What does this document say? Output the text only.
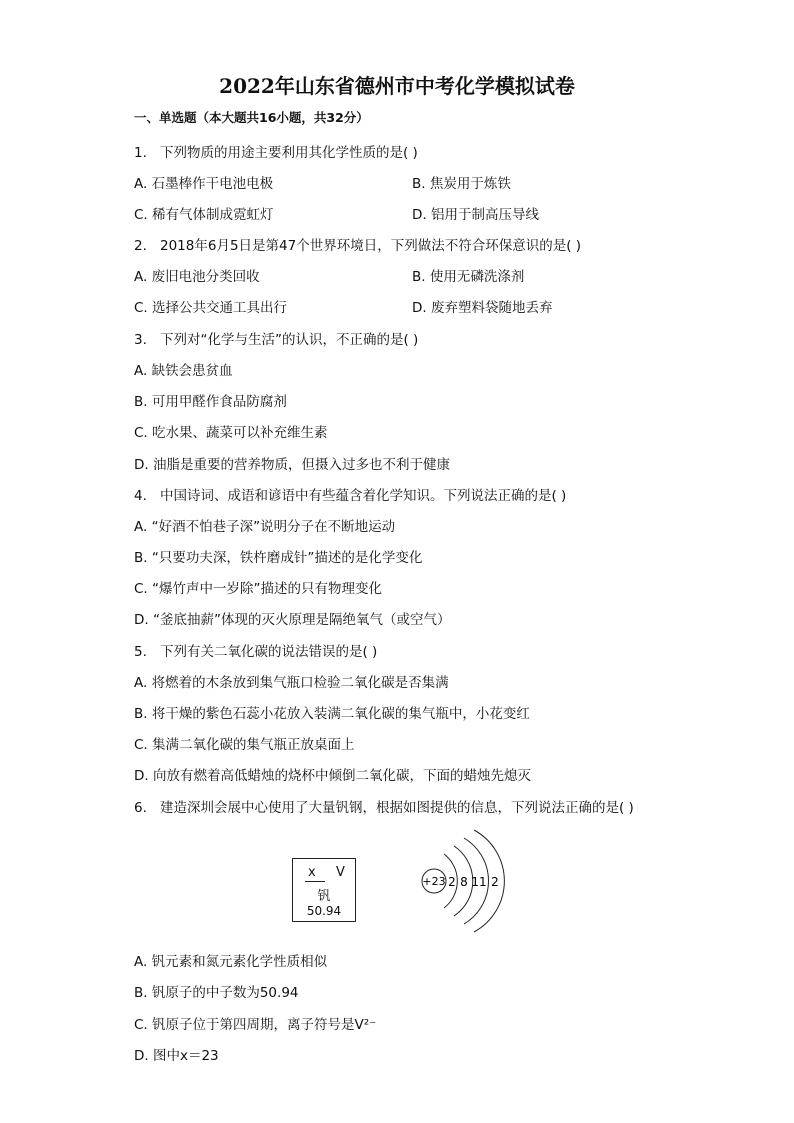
2022年山东省德州市中考化学模拟试卷
一、单选题（本大题共16小题，共32分）
1. 下列物质的用途主要利用其化学性质的是( )
A. 石墨棒作干电池电极	B. 焦炭用于炼铁
C. 稀有气体制成霓虹灯	D. 铝用于制高压导线
2. 2018年6月5日是第47个世界环境日，下列做法不符合环保意识的是( )
A. 废旧电池分类回收	B. 使用无磷洗涤剂
C. 选择公共交通工具出行	D. 废弃塑料袋随地丢弃
3. 下列对“化学与生活”的认识，不正确的是( )
A. 缺铁会患贫血
B. 可用甲醛作食品防腐剂
C. 吃水果、蔬菜可以补充维生素
D. 油脂是重要的营养物质，但摄入过多也不利于健康
4. 中国诗词、成语和谚语中有些蕴含着化学知识。下列说法正确的是( )
A. “好酒不怕巷子深”说明分子在不断地运动
B. “只要功夫深，铁杵磨成针”描述的是化学变化
C. “爆竹声中一岁除”描述的只有物理变化
D. “釜底抽薪”体现的灭火原理是隔绝氧气（或空气）
5. 下列有关二氧化碳的说法错误的是( )
A. 将燃着的木条放到集气瓶口检验二氧化碳是否集满
B. 将干燥的紫色石蕊小花放入装满二氧化碳的集气瓶中，小花变红
C. 集满二氧化碳的集气瓶正放桌面上
D. 向放有燃着高低蜡烛的烧杯中倾倒二氧化碳，下面的蜡烛先熄灭
6. 建造深圳会展中心使用了大量钒钢，根据如图提供的信息，下列说法正确的是( )
x V
钒
50.94
+23 2 8 11 2
A. 钒元素和氮元素化学性质相似
B. 钒原子的中子数为50.94
C. 钒原子位于第四周期，离子符号是V²⁻
D. 图中x＝23
